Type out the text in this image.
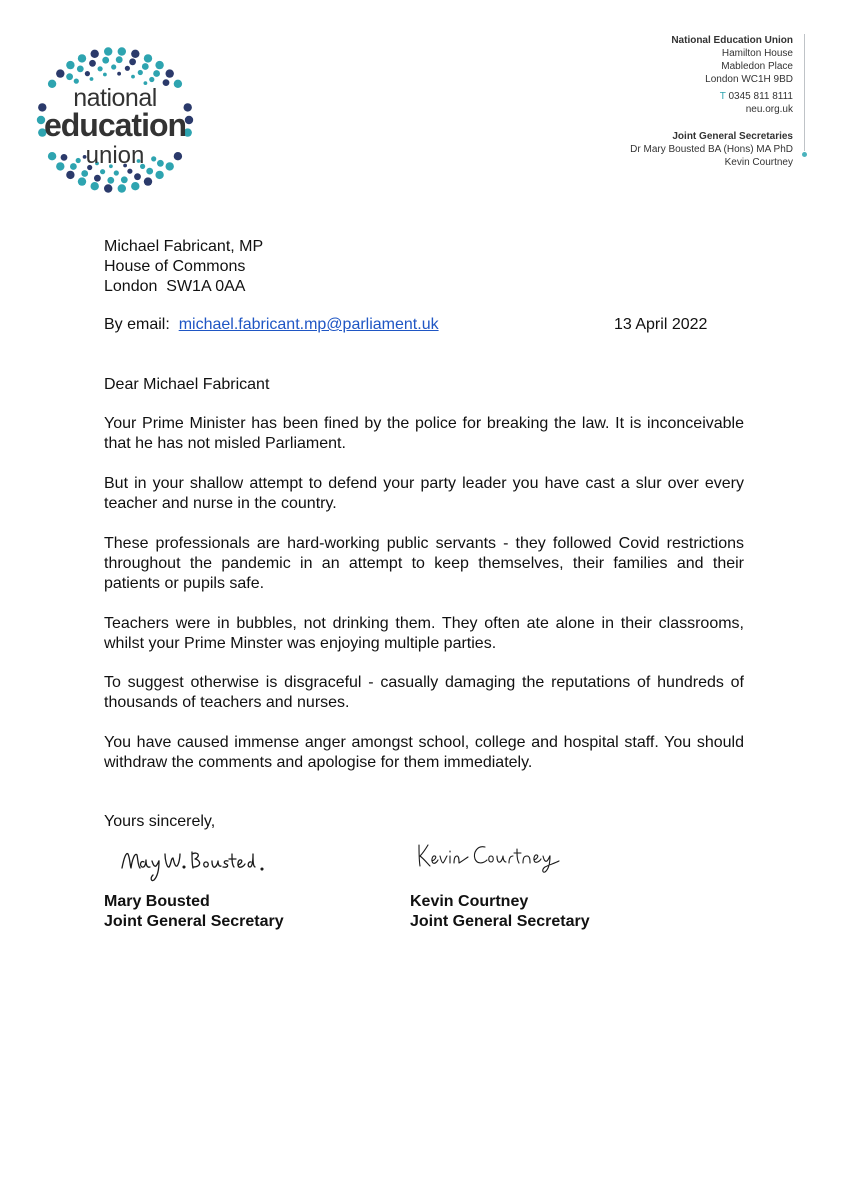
national
education
union
National Education Union
Hamilton House
Mabledon Place
London WC1H 9BD
T 0345 811 8111
neu.org.uk
Joint General Secretaries
Dr Mary Bousted BA (Hons) MA PhD
Kevin Courtney
Michael Fabricant, MP
House of Commons
London  SW1A 0AA
By email: michael.fabricant.mp@parliament.uk	13 April 2022
Dear Michael Fabricant
Your Prime Minister has been fined by the police for breaking the law. It is inconceivable that he has not misled Parliament.
But in your shallow attempt to defend your party leader you have cast a slur over every teacher and nurse in the country.
These professionals are hard-working public servants - they followed Covid restrictions throughout the pandemic in an attempt to keep themselves, their families and their patients or pupils safe.
Teachers were in bubbles, not drinking them. They often ate alone in their classrooms, whilst your Prime Minster was enjoying multiple parties.
To suggest otherwise is disgraceful - casually damaging the reputations of hundreds of thousands of teachers and nurses.
You have caused immense anger amongst school, college and hospital staff. You should withdraw the comments and apologise for them immediately.
Yours sincerely,
Mary Bousted
Joint General Secretary
Kevin Courtney
Joint General Secretary
